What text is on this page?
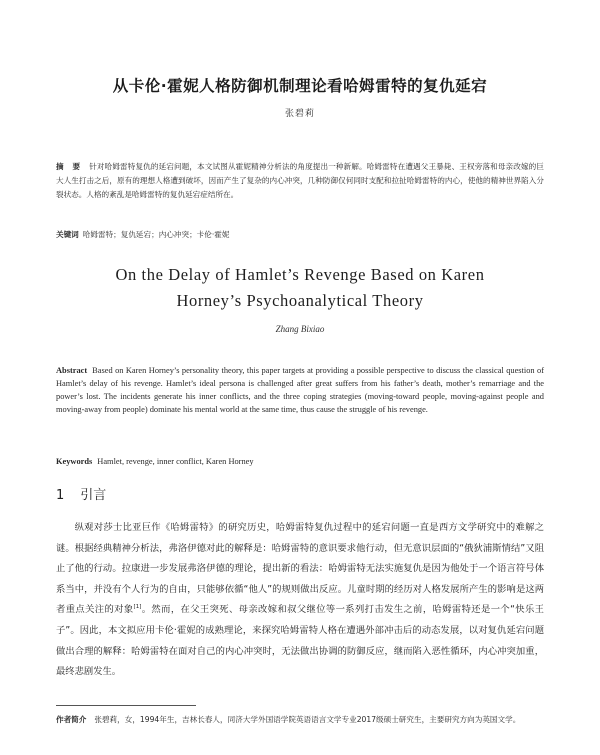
从卡伦·霍妮人格防御机制理论看哈姆雷特的复仇延宕
张碧莉
摘 要 针对哈姆雷特复仇的延宕问题，本文试图从霍妮精神分析法的角度提出一种新解。哈姆雷特在遭遇父王暴毙、王权旁落和母亲改嫁的巨大人生打击之后，原有的理想人格遭到破坏，因而产生了复杂的内心冲突，几种防御仅何同时支配和拉扯哈姆雷特的内心，使他的精神世界陷入分裂状态。人格的紊乱是哈姆雷特的复仇延宕症结所在。
关键词 哈姆雷特；复仇延宕；内心冲突；卡伦·霍妮
On the Delay of Hamlet’s Revenge Based on Karen
Horney’s Psychoanalytical Theory
Zhang Bixiao
Abstract Based on Karen Horney’s personality theory, this paper targets at providing a possible perspective to discuss the classical question of Hamlet’s delay of his revenge. Hamlet’s ideal persona is challenged after great suffers from his father’s death, mother’s remarriage and the power’s lost. The incidents generate his inner conflicts, and the three coping strategies (moving-toward people, moving-against people and moving-away from people) dominate his mental world at the same time, thus cause the struggle of his revenge.
Keywords Hamlet, revenge, inner conflict, Karen Horney
1 引言
纵观对莎士比亚巨作《哈姆雷特》的研究历史，哈姆雷特复仇过程中的延宕问题一直是西方文学研究中的难解之谜。根据经典精神分析法，弗洛伊德对此的解释是：哈姆雷特的意识要求他行动，但无意识层面的“俄狄浦斯情结”又阻止了他的行动。拉康进一步发展弗洛伊德的理论，提出新的看法：哈姆雷特无法实施复仇是因为他处于一个语言符号体系当中，并没有个人行为的自由，只能够依循“他人”的规则做出反应。儿童时期的经历对人格发展所产生的影响是这两者重点关注的对象[1]。然而，在父王突死、母亲改嫁和叔父继位等一系列打击发生之前，哈姆雷特还是一个“快乐王子”。因此，本文拟应用卡伦·霍妮的成熟理论，来探究哈姆雷特人格在遭遇外部冲击后的动态发展，以对复仇延宕问题做出合理的解释：哈姆雷特在面对自己的内心冲突时，无法做出协调的防御反应，继而陷入恶性循环，内心冲突加重，最终悲剧发生。
作者简介 张碧莉，女，1994年生，吉林长春人，同济大学外国语学院英语语言文学专业2017级硕士研究生，主要研究方向为英国文学。
